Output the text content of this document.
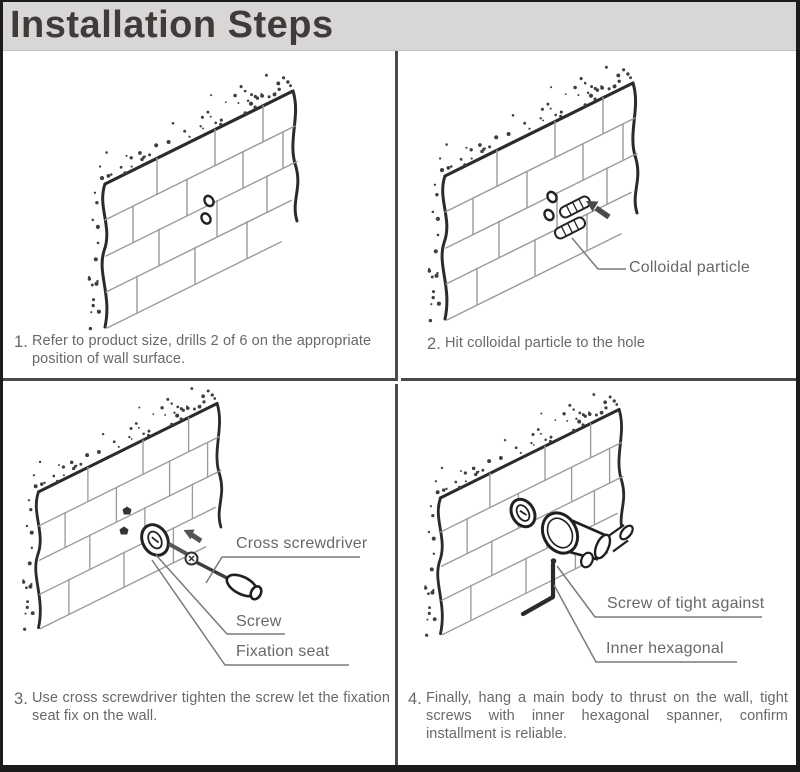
Installation Steps
1. Refer to product size, drills 2 of 6 on the appropriate position of wall surface.
Colloidal particle
2. Hit colloidal particle to the hole
Cross screwdriver
Screw
Fixation seat
3. Use cross screwdriver tighten the screw let the fixation seat fix on the wall.
Screw of tight against
Inner hexagonal
4. Finally, hang a main body to thrust on the wall, tight screws with inner hexagonal spanner, confirm installment is reliable.
